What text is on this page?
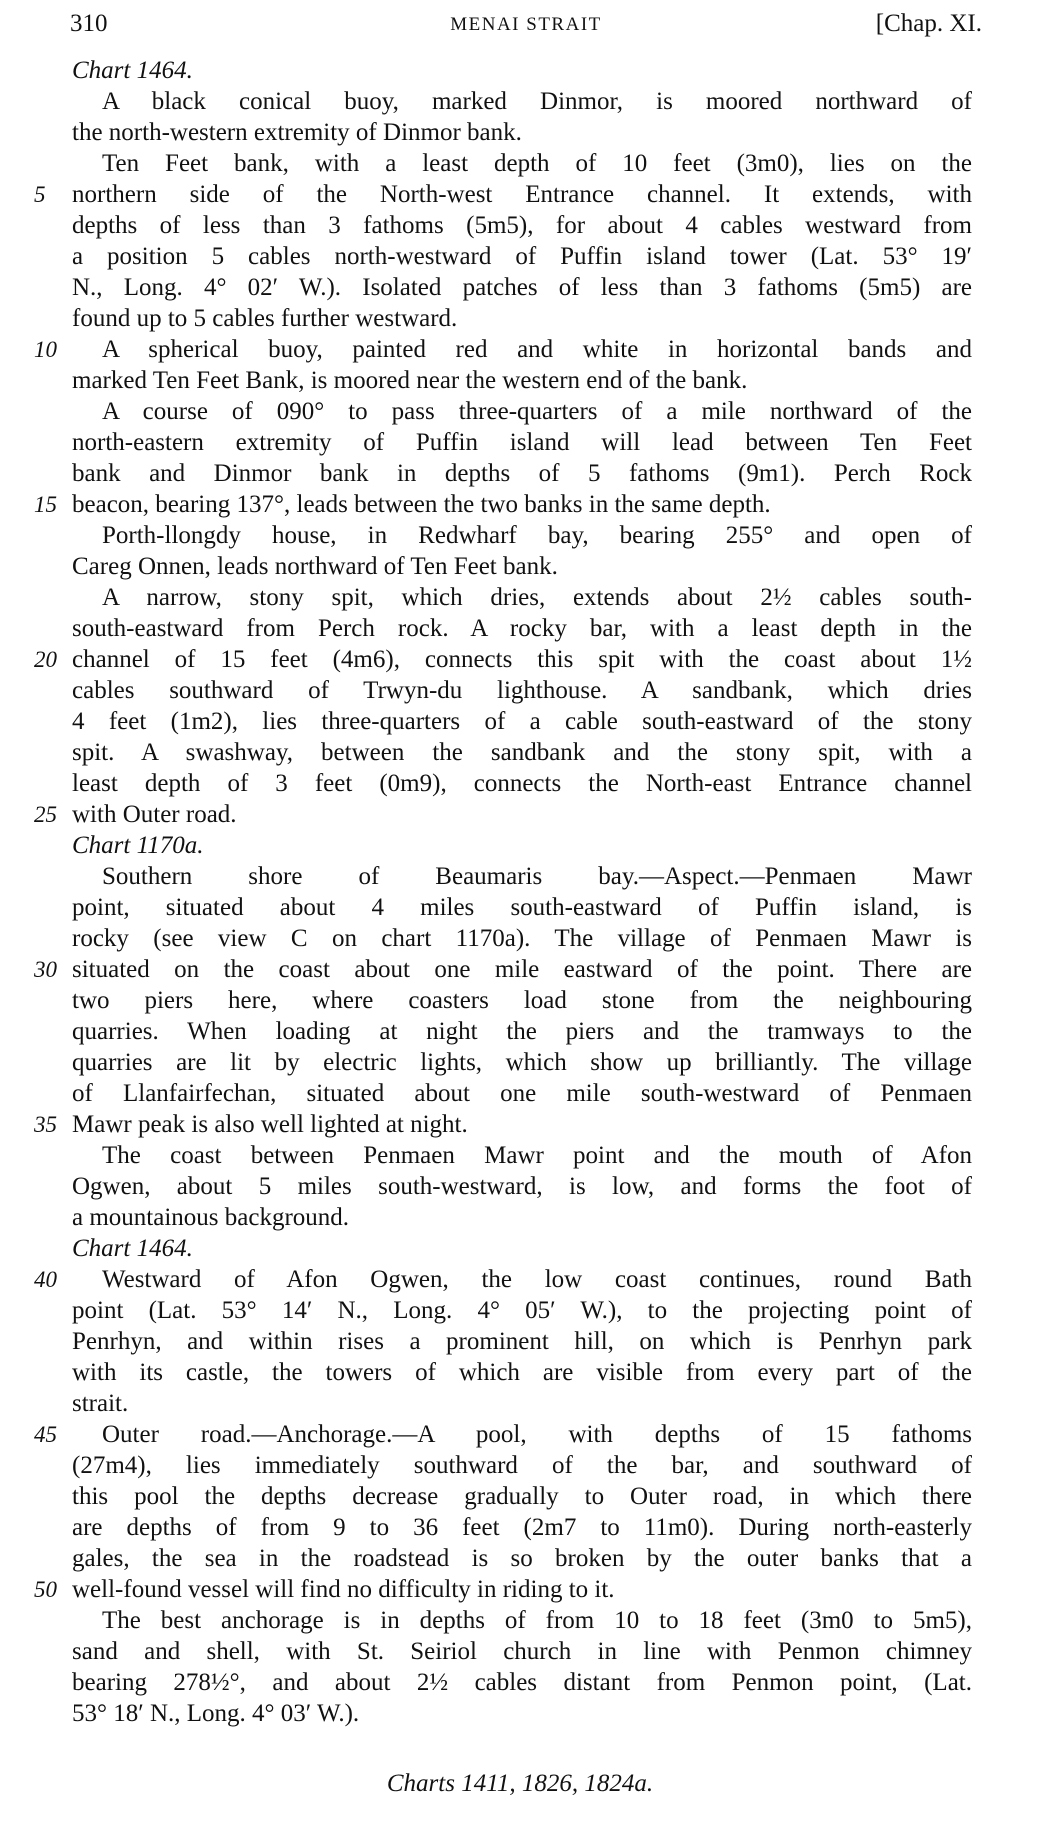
310	MENAI STRAIT	[Chap. XI.
Chart 1464.
A black conical buoy, marked Dinmor, is moored northward of
the north-western extremity of Dinmor bank.
Ten Feet bank, with a least depth of 10 feet (3m0), lies on the
5	northern side of the North-west Entrance channel. It extends, with
depths of less than 3 fathoms (5m5), for about 4 cables westward from
a position 5 cables north-westward of Puffin island tower (Lat. 53° 19′
N., Long. 4° 02′ W.). Isolated patches of less than 3 fathoms (5m5) are
found up to 5 cables further westward.
10 A spherical buoy, painted red and white in horizontal bands and
marked Ten Feet Bank, is moored near the western end of the bank.
A course of 090° to pass three-quarters of a mile northward of the
north-eastern extremity of Puffin island will lead between Ten Feet
bank and Dinmor bank in depths of 5 fathoms (9m1). Perch Rock
15 beacon, bearing 137°, leads between the two banks in the same depth.
Porth-llongdy house, in Redwharf bay, bearing 255° and open of
Careg Onnen, leads northward of Ten Feet bank.
A narrow, stony spit, which dries, extends about 2½ cables south-
south-eastward from Perch rock. A rocky bar, with a least depth in the
20 channel of 15 feet (4m6), connects this spit with the coast about 1½
cables southward of Trwyn-du lighthouse. A sandbank, which dries
4 feet (1m2), lies three-quarters of a cable south-eastward of the stony
spit. A swashway, between the sandbank and the stony spit, with a
least depth of 3 feet (0m9), connects the North-east Entrance channel
25 with Outer road.
Chart 1170a.
Southern shore of Beaumaris bay.—Aspect.—Penmaen Mawr
point, situated about 4 miles south-eastward of Puffin island, is
rocky (see view C on chart 1170a). The village of Penmaen Mawr is
30 situated on the coast about one mile eastward of the point. There are
two piers here, where coasters load stone from the neighbouring
quarries. When loading at night the piers and the tramways to the
quarries are lit by electric lights, which show up brilliantly. The village
of Llanfairfechan, situated about one mile south-westward of Penmaen
35 Mawr peak is also well lighted at night.
The coast between Penmaen Mawr point and the mouth of Afon
Ogwen, about 5 miles south-westward, is low, and forms the foot of
a mountainous background.
Chart 1464.
40 Westward of Afon Ogwen, the low coast continues, round Bath
point (Lat. 53° 14′ N., Long. 4° 05′ W.), to the projecting point of
Penrhyn, and within rises a prominent hill, on which is Penrhyn park
with its castle, the towers of which are visible from every part of the
strait.
45 Outer road.—Anchorage.—A pool, with depths of 15 fathoms
(27m4), lies immediately southward of the bar, and southward of
this pool the depths decrease gradually to Outer road, in which there
are depths of from 9 to 36 feet (2m7 to 11m0). During north-easterly
gales, the sea in the roadstead is so broken by the outer banks that a
50 well-found vessel will find no difficulty in riding to it.
The best anchorage is in depths of from 10 to 18 feet (3m0 to 5m5),
sand and shell, with St. Seiriol church in line with Penmon chimney
bearing 278½°, and about 2½ cables distant from Penmon point, (Lat.
53° 18′ N., Long. 4° 03′ W.).
Charts 1411, 1826, 1824a.
